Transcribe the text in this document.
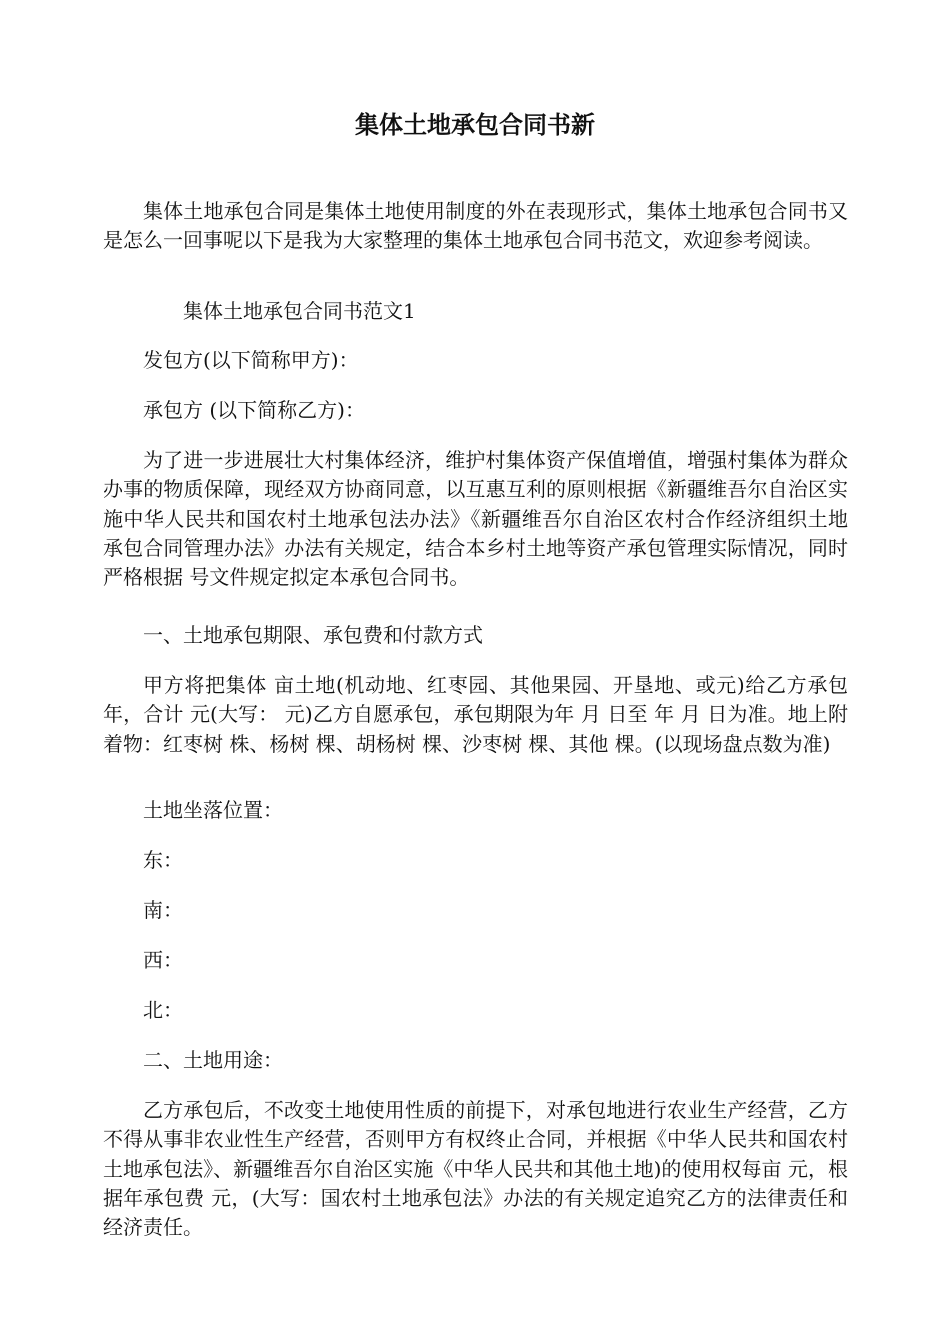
集体土地承包合同书新

集体土地承包合同是集体土地使用制度的外在表现形式，集体土地承包合同书又是怎么一回事呢以下是我为大家整理的集体土地承包合同书范文，欢迎参考阅读。

集体土地承包合同书范文1

发包方(以下简称甲方)：

承包方 (以下简称乙方)：

为了进一步进展壮大村集体经济，维护村集体资产保值增值，增强村集体为群众办事的物质保障，现经双方协商同意，以互惠互利的原则根据《新疆维吾尔自治区实施中华人民共和国农村土地承包法办法》《新疆维吾尔自治区农村合作经济组织土地承包合同管理办法》办法有关规定，结合本乡村土地等资产承包管理实际情况，同时严格根据 号文件规定拟定本承包合同书。

一、土地承包期限、承包费和付款方式

甲方将把集体 亩土地(机动地、红枣园、其他果园、开垦地、或元)给乙方承包 年，合计 元(大写： 元)乙方自愿承包，承包期限为年 月 日至 年 月 日为准。地上附着物：红枣树 株、杨树 棵、胡杨树 棵、沙枣树 棵、其他 棵。(以现场盘点数为准)

土地坐落位置：

东：

南：

西：

北：

二、土地用途：

乙方承包后，不改变土地使用性质的前提下，对承包地进行农业生产经营，乙方不得从事非农业性生产经营，否则甲方有权终止合同，并根据《中华人民共和国农村土地承包法》、新疆维吾尔自治区实施《中华人民共和其他土地)的使用权每亩 元，根据年承包费 元，(大写：国农村土地承包法》办法的有关规定追究乙方的法律责任和经济责任。
